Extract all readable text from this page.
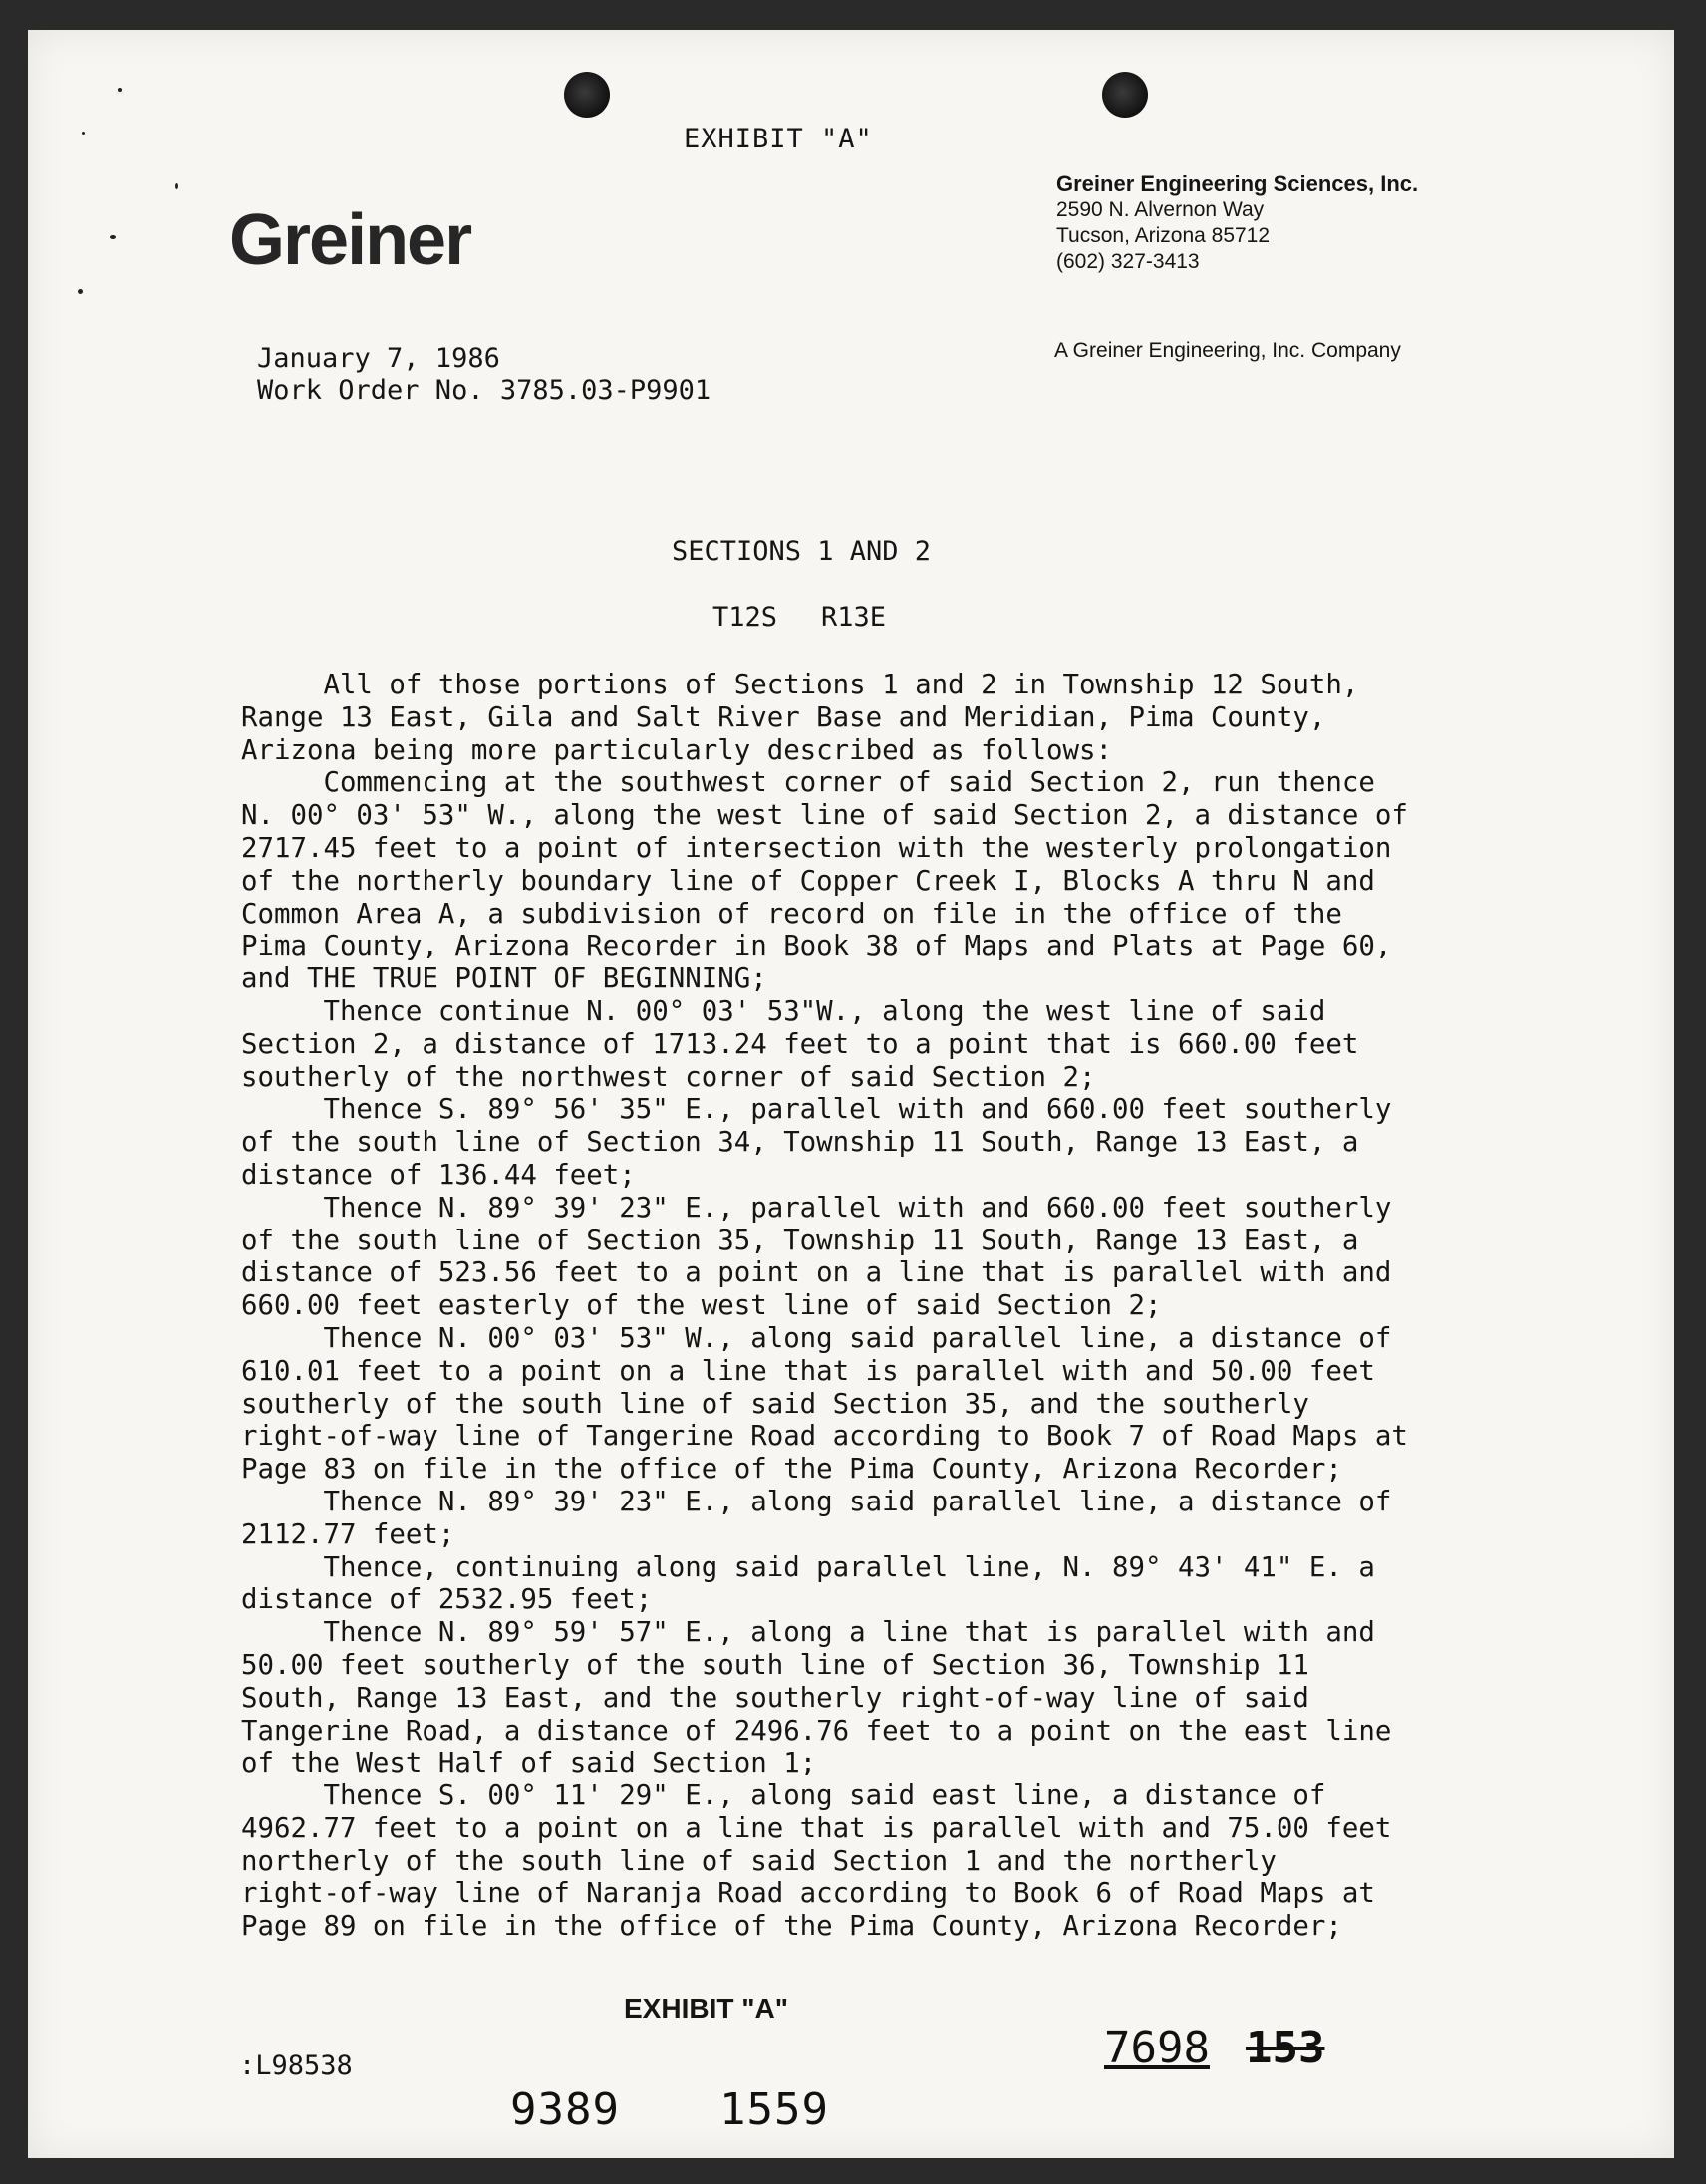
EXHIBIT "A"
Greiner
Greiner Engineering Sciences, Inc.
2590 N. Alvernon Way
Tucson, Arizona 85712
(602) 327-3413
A Greiner Engineering, Inc. Company
January 7, 1986
Work Order No. 3785.03-P9901
SECTIONS 1 AND 2
T12S R13E
All of those portions of Sections 1 and 2 in Township 12 South,
Range 13 East, Gila and Salt River Base and Meridian, Pima County,
Arizona being more particularly described as follows:
Commencing at the southwest corner of said Section 2, run thence
N. 00° 03' 53" W., along the west line of said Section 2, a distance of
2717.45 feet to a point of intersection with the westerly prolongation
of the northerly boundary line of Copper Creek I, Blocks A thru N and
Common Area A, a subdivision of record on file in the office of the
Pima County, Arizona Recorder in Book 38 of Maps and Plats at Page 60,
and THE TRUE POINT OF BEGINNING;
Thence continue N. 00° 03' 53"W., along the west line of said
Section 2, a distance of 1713.24 feet to a point that is 660.00 feet
southerly of the northwest corner of said Section 2;
Thence S. 89° 56' 35" E., parallel with and 660.00 feet southerly
of the south line of Section 34, Township 11 South, Range 13 East, a
distance of 136.44 feet;
Thence N. 89° 39' 23" E., parallel with and 660.00 feet southerly
of the south line of Section 35, Township 11 South, Range 13 East, a
distance of 523.56 feet to a point on a line that is parallel with and
660.00 feet easterly of the west line of said Section 2;
Thence N. 00° 03' 53" W., along said parallel line, a distance of
610.01 feet to a point on a line that is parallel with and 50.00 feet
southerly of the south line of said Section 35, and the southerly
right-of-way line of Tangerine Road according to Book 7 of Road Maps at
Page 83 on file in the office of the Pima County, Arizona Recorder;
Thence N. 89° 39' 23" E., along said parallel line, a distance of
2112.77 feet;
Thence, continuing along said parallel line, N. 89° 43' 41" E. a
distance of 2532.95 feet;
Thence N. 89° 59' 57" E., along a line that is parallel with and
50.00 feet southerly of the south line of Section 36, Township 11
South, Range 13 East, and the southerly right-of-way line of said
Tangerine Road, a distance of 2496.76 feet to a point on the east line
of the West Half of said Section 1;
Thence S. 00° 11' 29" E., along said east line, a distance of
4962.77 feet to a point on a line that is parallel with and 75.00 feet
northerly of the south line of said Section 1 and the northerly
right-of-way line of Naranja Road according to Book 6 of Road Maps at
Page 89 on file in the office of the Pima County, Arizona Recorder;
EXHIBIT "A"
:L98538
9389 1559
7698 153
